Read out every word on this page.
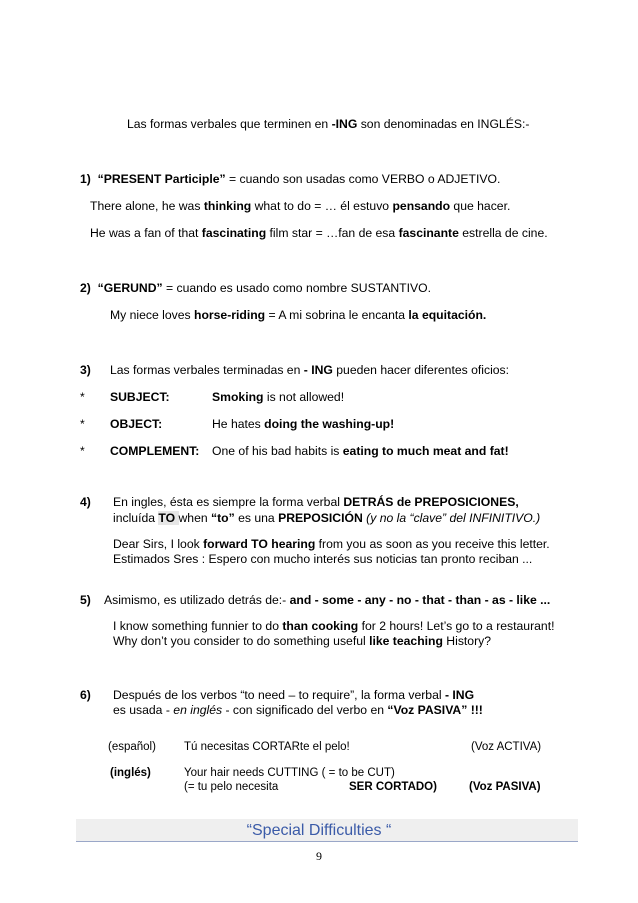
Las formas verbales que terminen en -ING son denominadas en INGLÉS:-
1) “PRESENT Participle” = cuando son usadas como VERBO o ADJETIVO.
There alone, he was thinking what to do = … él estuvo pensando que hacer.
He was a fan of that fascinating film star = …fan de esa fascinante estrella de cine.
2) “GERUND” = cuando es usado como nombre SUSTANTIVO.
My niece loves horse-riding = A mi sobrina le encanta la equitación.
3) Las formas verbales terminadas en - ING pueden hacer diferentes oficios:
* SUBJECT:	Smoking is not allowed!
* OBJECT:	He hates doing the washing-up!
* COMPLEMENT: One of his bad habits is eating to much meat and fat!
4) En ingles, ésta es siempre la forma verbal DETRÁS de PREPOSICIONES,
incluída TO when “to” es una PREPOSICIÓN (y no la “clave” del INFINITIVO.)
Dear Sirs, I look forward TO hearing from you as soon as you receive this letter.
Estimados Sres : Espero con mucho interés sus noticias tan pronto reciban ...
5) Asimismo, es utilizado detrás de:- and - some - any - no - that - than - as - like ...
I know something funnier to do than cooking for 2 hours! Let’s go to a restaurant!
Why don’t you consider to do something useful like teaching History?
6) Después de los verbos “to need – to require”, la forma verbal - ING
es usada - en inglés - con significado del verbo en “Voz PASIVA” !!!
(español) Tú necesitas CORTARte el pelo!	(Voz ACTIVA)
(inglés)	Your hair needs CUTTING ( = to be CUT)
(= tu pelo necesita	SER CORTADO)	(Voz PASIVA)
“Special Difficulties “
9
